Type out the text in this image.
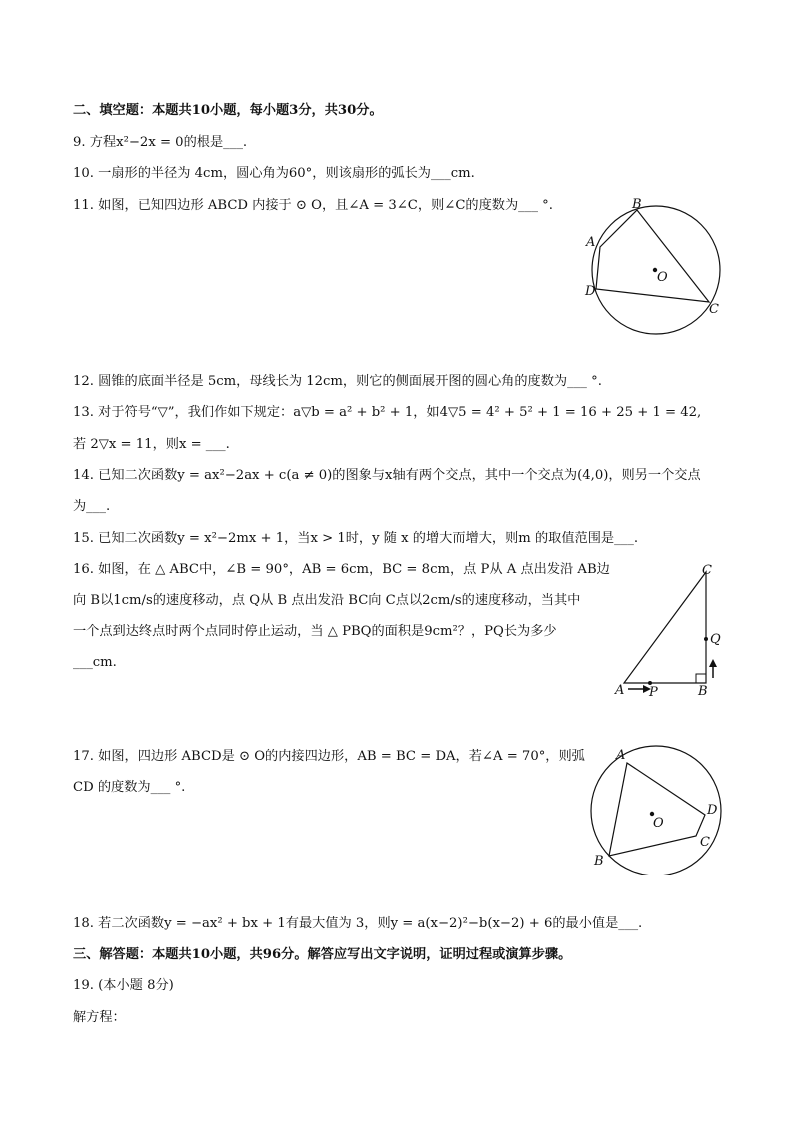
二、填空题：本题共10小题，每小题3分，共30分。
9. 方程x²−2x = 0的根是___.
10. 一扇形的半径为 4cm，圆心角为60°，则该扇形的弧长为___cm.
11. 如图，已知四边形 ABCD 内接于 ⊙ O，且∠A = 3∠C，则∠C的度数为___ °.	B
A
D
C
O
12. 圆锥的底面半径是 5cm，母线长为 12cm，则它的侧面展开图的圆心角的度数为___ °.
13. 对于符号“▽”，我们作如下规定：a▽b = a² + b² + 1，如4▽5 = 4² + 5² + 1 = 16 + 25 + 1 = 42,
若 2▽x = 11，则x = ___.
14. 已知二次函数y = ax²−2ax + c(a ≠ 0)的图象与x轴有两个交点，其中一个交点为(4,0)，则另一个交点
为___.
15. 已知二次函数y = x²−2mx + 1，当x > 1时，y 随 x 的增大而增大，则m 的取值范围是___.
16. 如图，在 △ ABC中，∠B = 90°，AB = 6cm，BC = 8cm，点 P从 A 点出发沿 AB边
向 B以1cm/s的速度移动，点 Q从 B 点出发沿 BC向 C点以2cm/s的速度移动，当其中
一个点到达终点时两个点同时停止运动，当 △ PBQ的面积是9cm²？，PQ长为多少
___cm.
C
Q
A P	B
17. 如图，四边形 ABCD是 ⊙ O的内接四边形，AB = BC = DA，若∠A = 70°，则弧
CD 的度数为___ °.
A
D
C
B
O
18. 若二次函数y = −ax² + bx + 1有最大值为 3，则y = a(x−2)²−b(x−2) + 6的最小值是___.
三、解答题：本题共10小题，共96分。解答应写出文字说明，证明过程或演算步骤。
19. (本小题 8分)
解方程：
